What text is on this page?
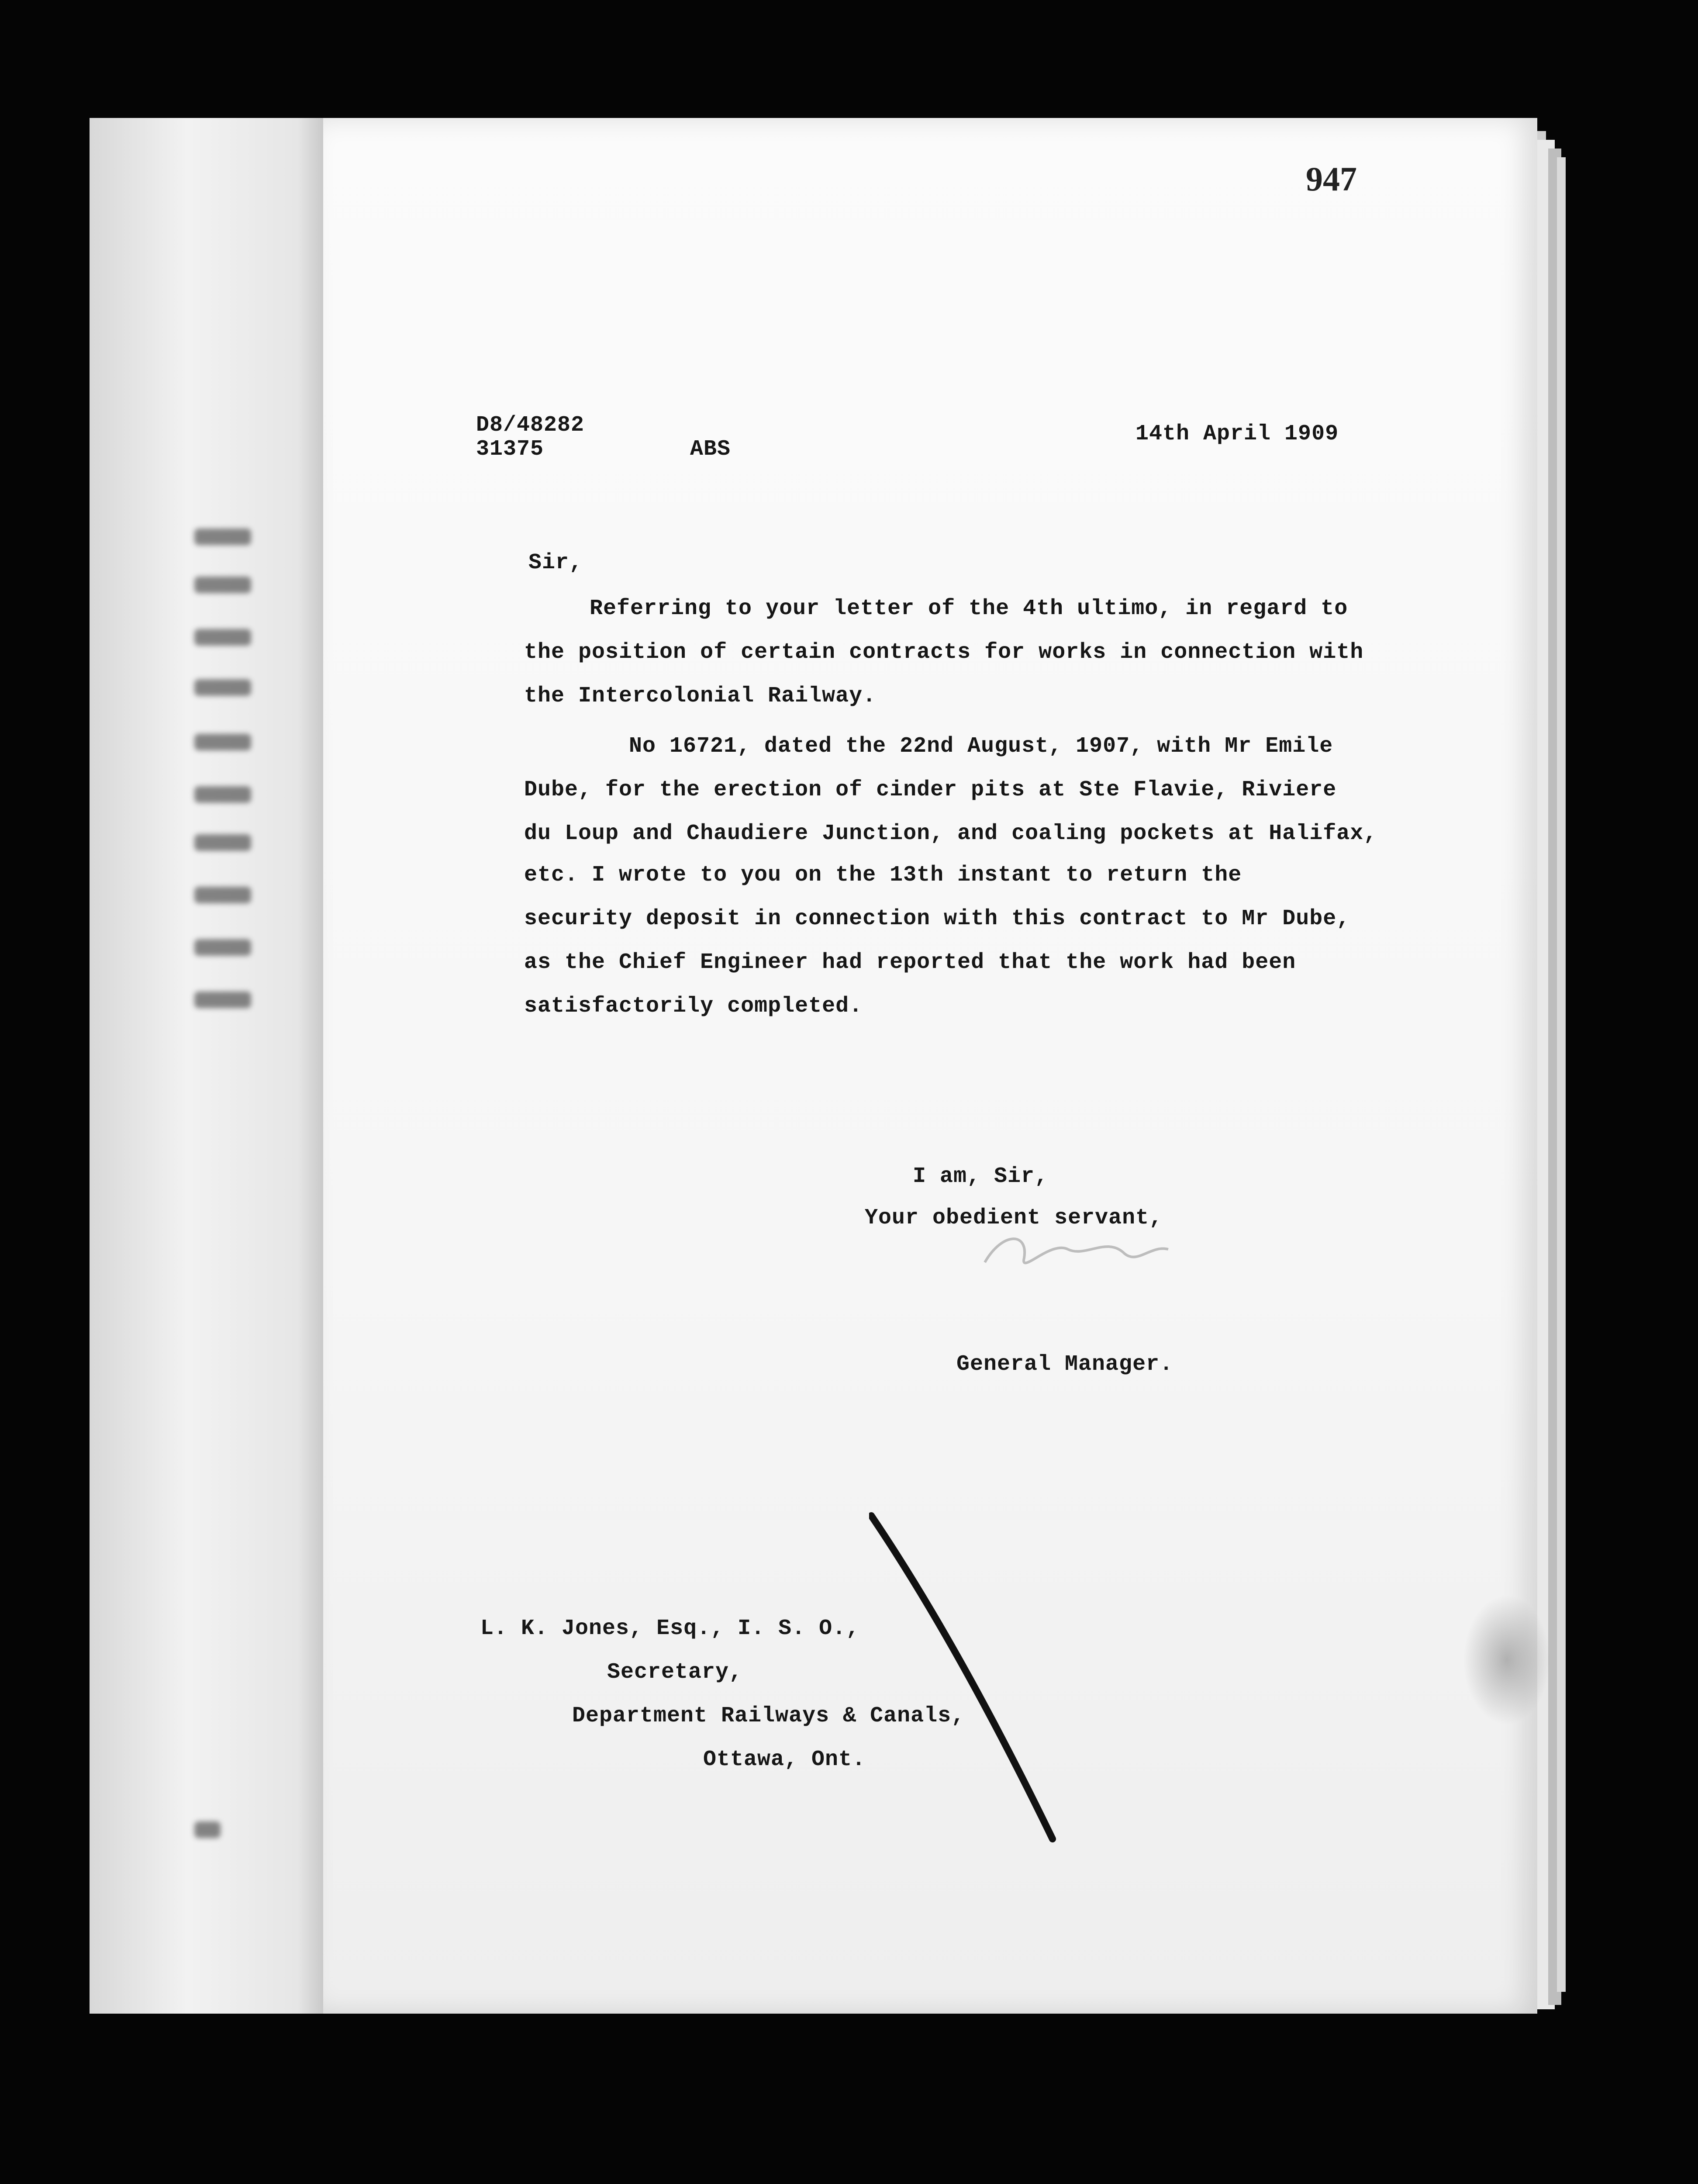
947
D8/48282
31375	ABS
14th April 1909
Sir,
Referring to your letter of the 4th ultimo, in regard to
the position of certain contracts for works in connection with
the Intercolonial Railway.
No 16721, dated the 22nd August, 1907, with Mr Emile
Dube, for the erection of cinder pits at Ste Flavie, Riviere
du Loup and Chaudiere Junction, and coaling pockets at Halifax,
etc. I wrote to you on the 13th instant to return the
security deposit in connection with this contract to Mr Dube,
as the Chief Engineer had reported that the work had been
satisfactorily completed.
I am, Sir,
Your obedient servant,
General Manager.
L. K. Jones, Esq., I. S. O.,
Secretary,
Department Railways & Canals,
Ottawa, Ont.
